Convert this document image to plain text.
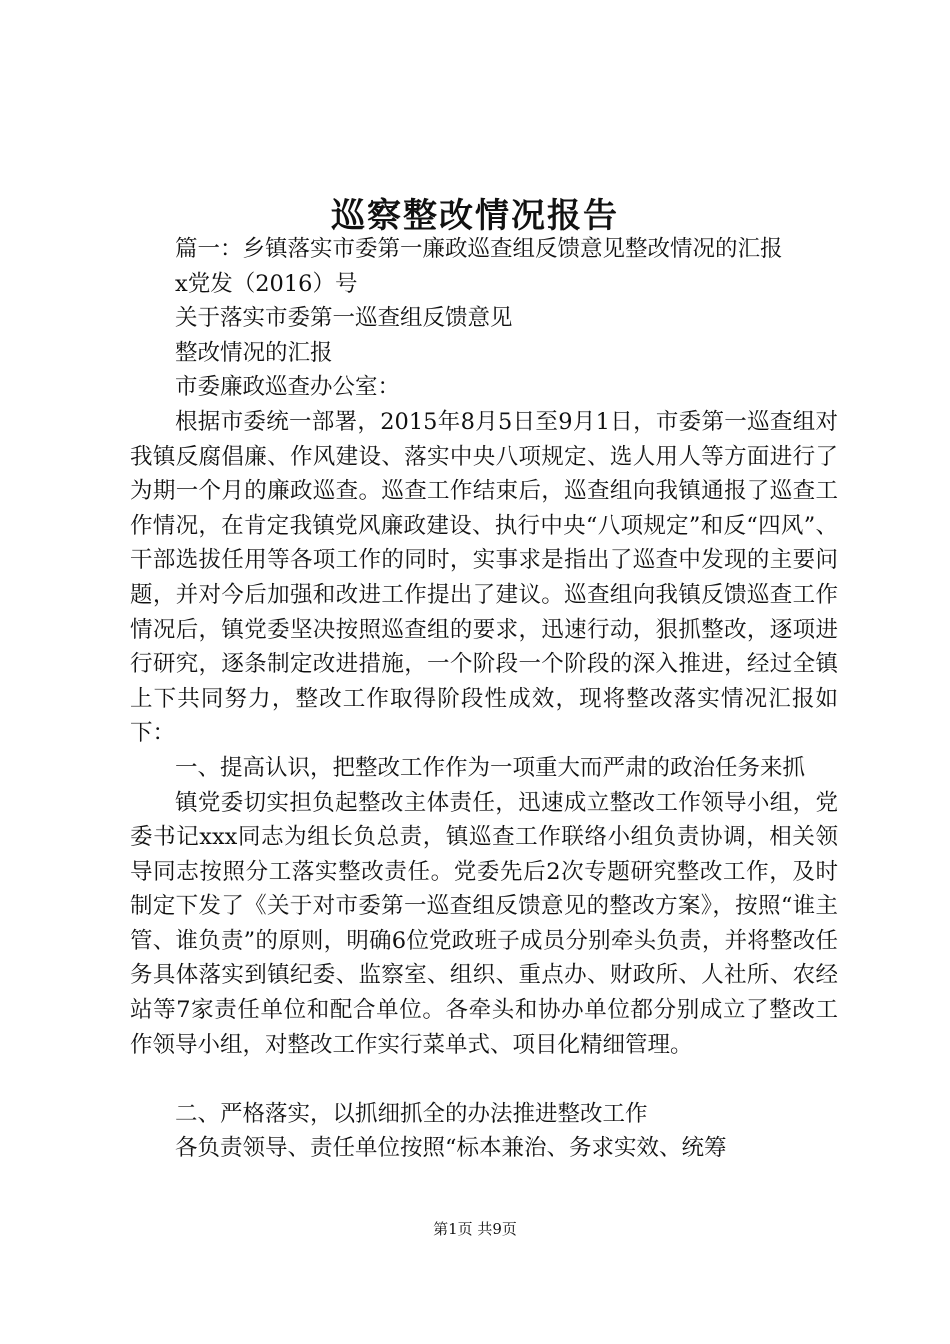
巡察整改情况报告

篇一：乡镇落实市委第一廉政巡查组反馈意见整改情况的汇报

x党发（2016）号

关于落实市委第一巡查组反馈意见

整改情况的汇报

市委廉政巡查办公室：

根据市委统一部署，2015年8月5日至9月1日，市委第一巡查组对我镇反腐倡廉、作风建设、落实中央八项规定、选人用人等方面进行了为期一个月的廉政巡查。巡查工作结束后，巡查组向我镇通报了巡查工作情况，在肯定我镇党风廉政建设、执行中央“八项规定”和反“四风”、干部选拔任用等各项工作的同时，实事求是指出了巡查中发现的主要问题，并对今后加强和改进工作提出了建议。巡查组向我镇反馈巡查工作情况后，镇党委坚决按照巡查组的要求，迅速行动，狠抓整改，逐项进行研究，逐条制定改进措施，一个阶段一个阶段的深入推进，经过全镇上下共同努力，整改工作取得阶段性成效，现将整改落实情况汇报如下：

一、提高认识，把整改工作作为一项重大而严肃的政治任务来抓

镇党委切实担负起整改主体责任，迅速成立整改工作领导小组，党委书记xxx同志为组长负总责，镇巡查工作联络小组负责协调，相关领导同志按照分工落实整改责任。党委先后2次专题研究整改工作，及时制定下发了《关于对市委第一巡查组反馈意见的整改方案》，按照“谁主管、谁负责”的原则，明确6位党政班子成员分别牵头负责，并将整改任务具体落实到镇纪委、监察室、组织、重点办、财政所、人社所、农经站等7家责任单位和配合单位。各牵头和协办单位都分别成立了整改工作领导小组，对整改工作实行菜单式、项目化精细管理。

二、严格落实，以抓细抓全的办法推进整改工作

各负责领导、责任单位按照“标本兼治、务求实效、统筹

第1页 共9页
